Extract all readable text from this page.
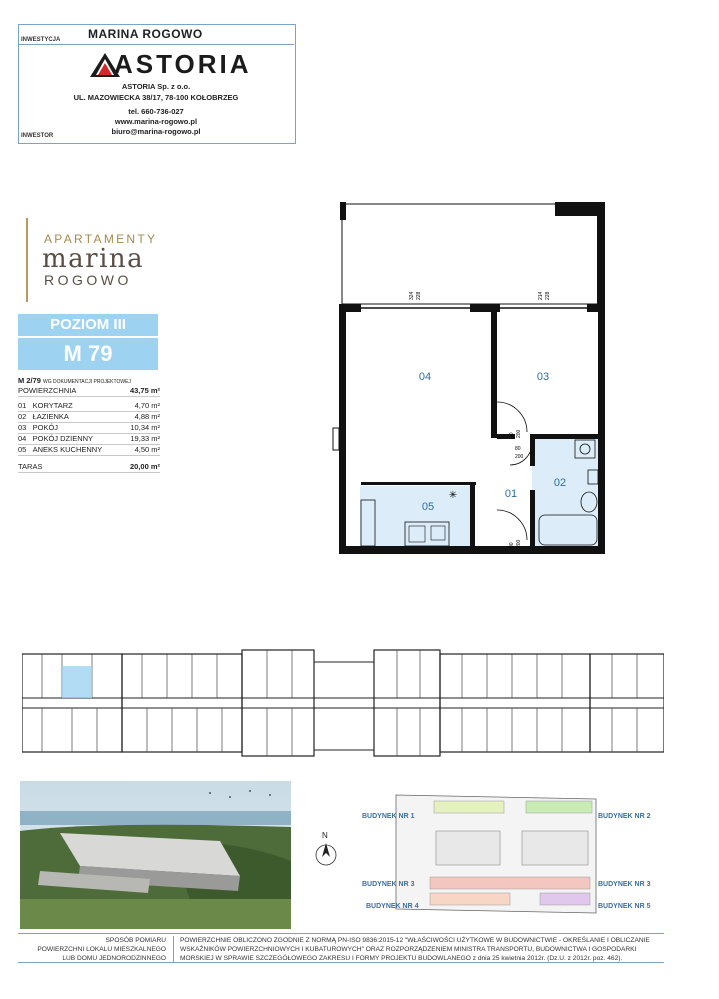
INWESTYCJA MARINA ROGOWO
ASTORIA
ASTORIA Sp. z o.o.
UL. MAZOWIECKA 38/17, 78-100 KOŁOBRZEG
tel. 660-736-027
www.marina-rogowo.pl
biuro@marina-rogowo.pl
INWESTOR
APARTAMENTY
marina
ROGOWO
POZIOM III
M 79
M 2/79 WG DOKUMENTACJI PROJEKTOWEJ
POWIERZCHNIA	43,75 m²
01 KORYTARZ	4,70 m²
02 ŁAZIENKA	4,88 m²
03 POKÓJ	10,34 m²
04 POKÓJ DZIENNY	19,33 m²
05 ANEKS KUCHENNY	4,50 m²
TARAS	20,00 m²
✳
04	03
01
02
05
324 228	214 228
90 200
80
200
90 200
N
BUDYNEK NR 1	BUDYNEK NR 2
BUDYNEK NR 3	BUDYNEK NR 3
BUDYNEK NR 4	BUDYNEK NR 5
SPOSÓB POMIARU
POWIERZCHNI LOKALU MIESZKALNEGO
LUB DOMU JEDNORODZINNEGO
POWIERZCHNIE OBLICZONO ZGODNIE Z NORMĄ PN-ISO 9836:2015-12 "WŁAŚCIWOŚCI UŻYTKOWE W BUDOWNICTWIE - OKREŚLANIE I OBLICZANIE WSKAŹNIKÓW POWIERZCHNIOWYCH I KUBATUROWYCH" ORAZ ROZPORZĄDZENIEM MINISTRA TRANSPORTU, BUDOWNICTWA I GOSPODARKI MORSKIEJ W SPRAWIE SZCZEGÓŁOWEGO ZAKRESU I FORMY PROJEKTU BUDOWLANEGO z dnia 25 kwietnia 2012r. (Dz.U. z 2012r. poz. 462).
